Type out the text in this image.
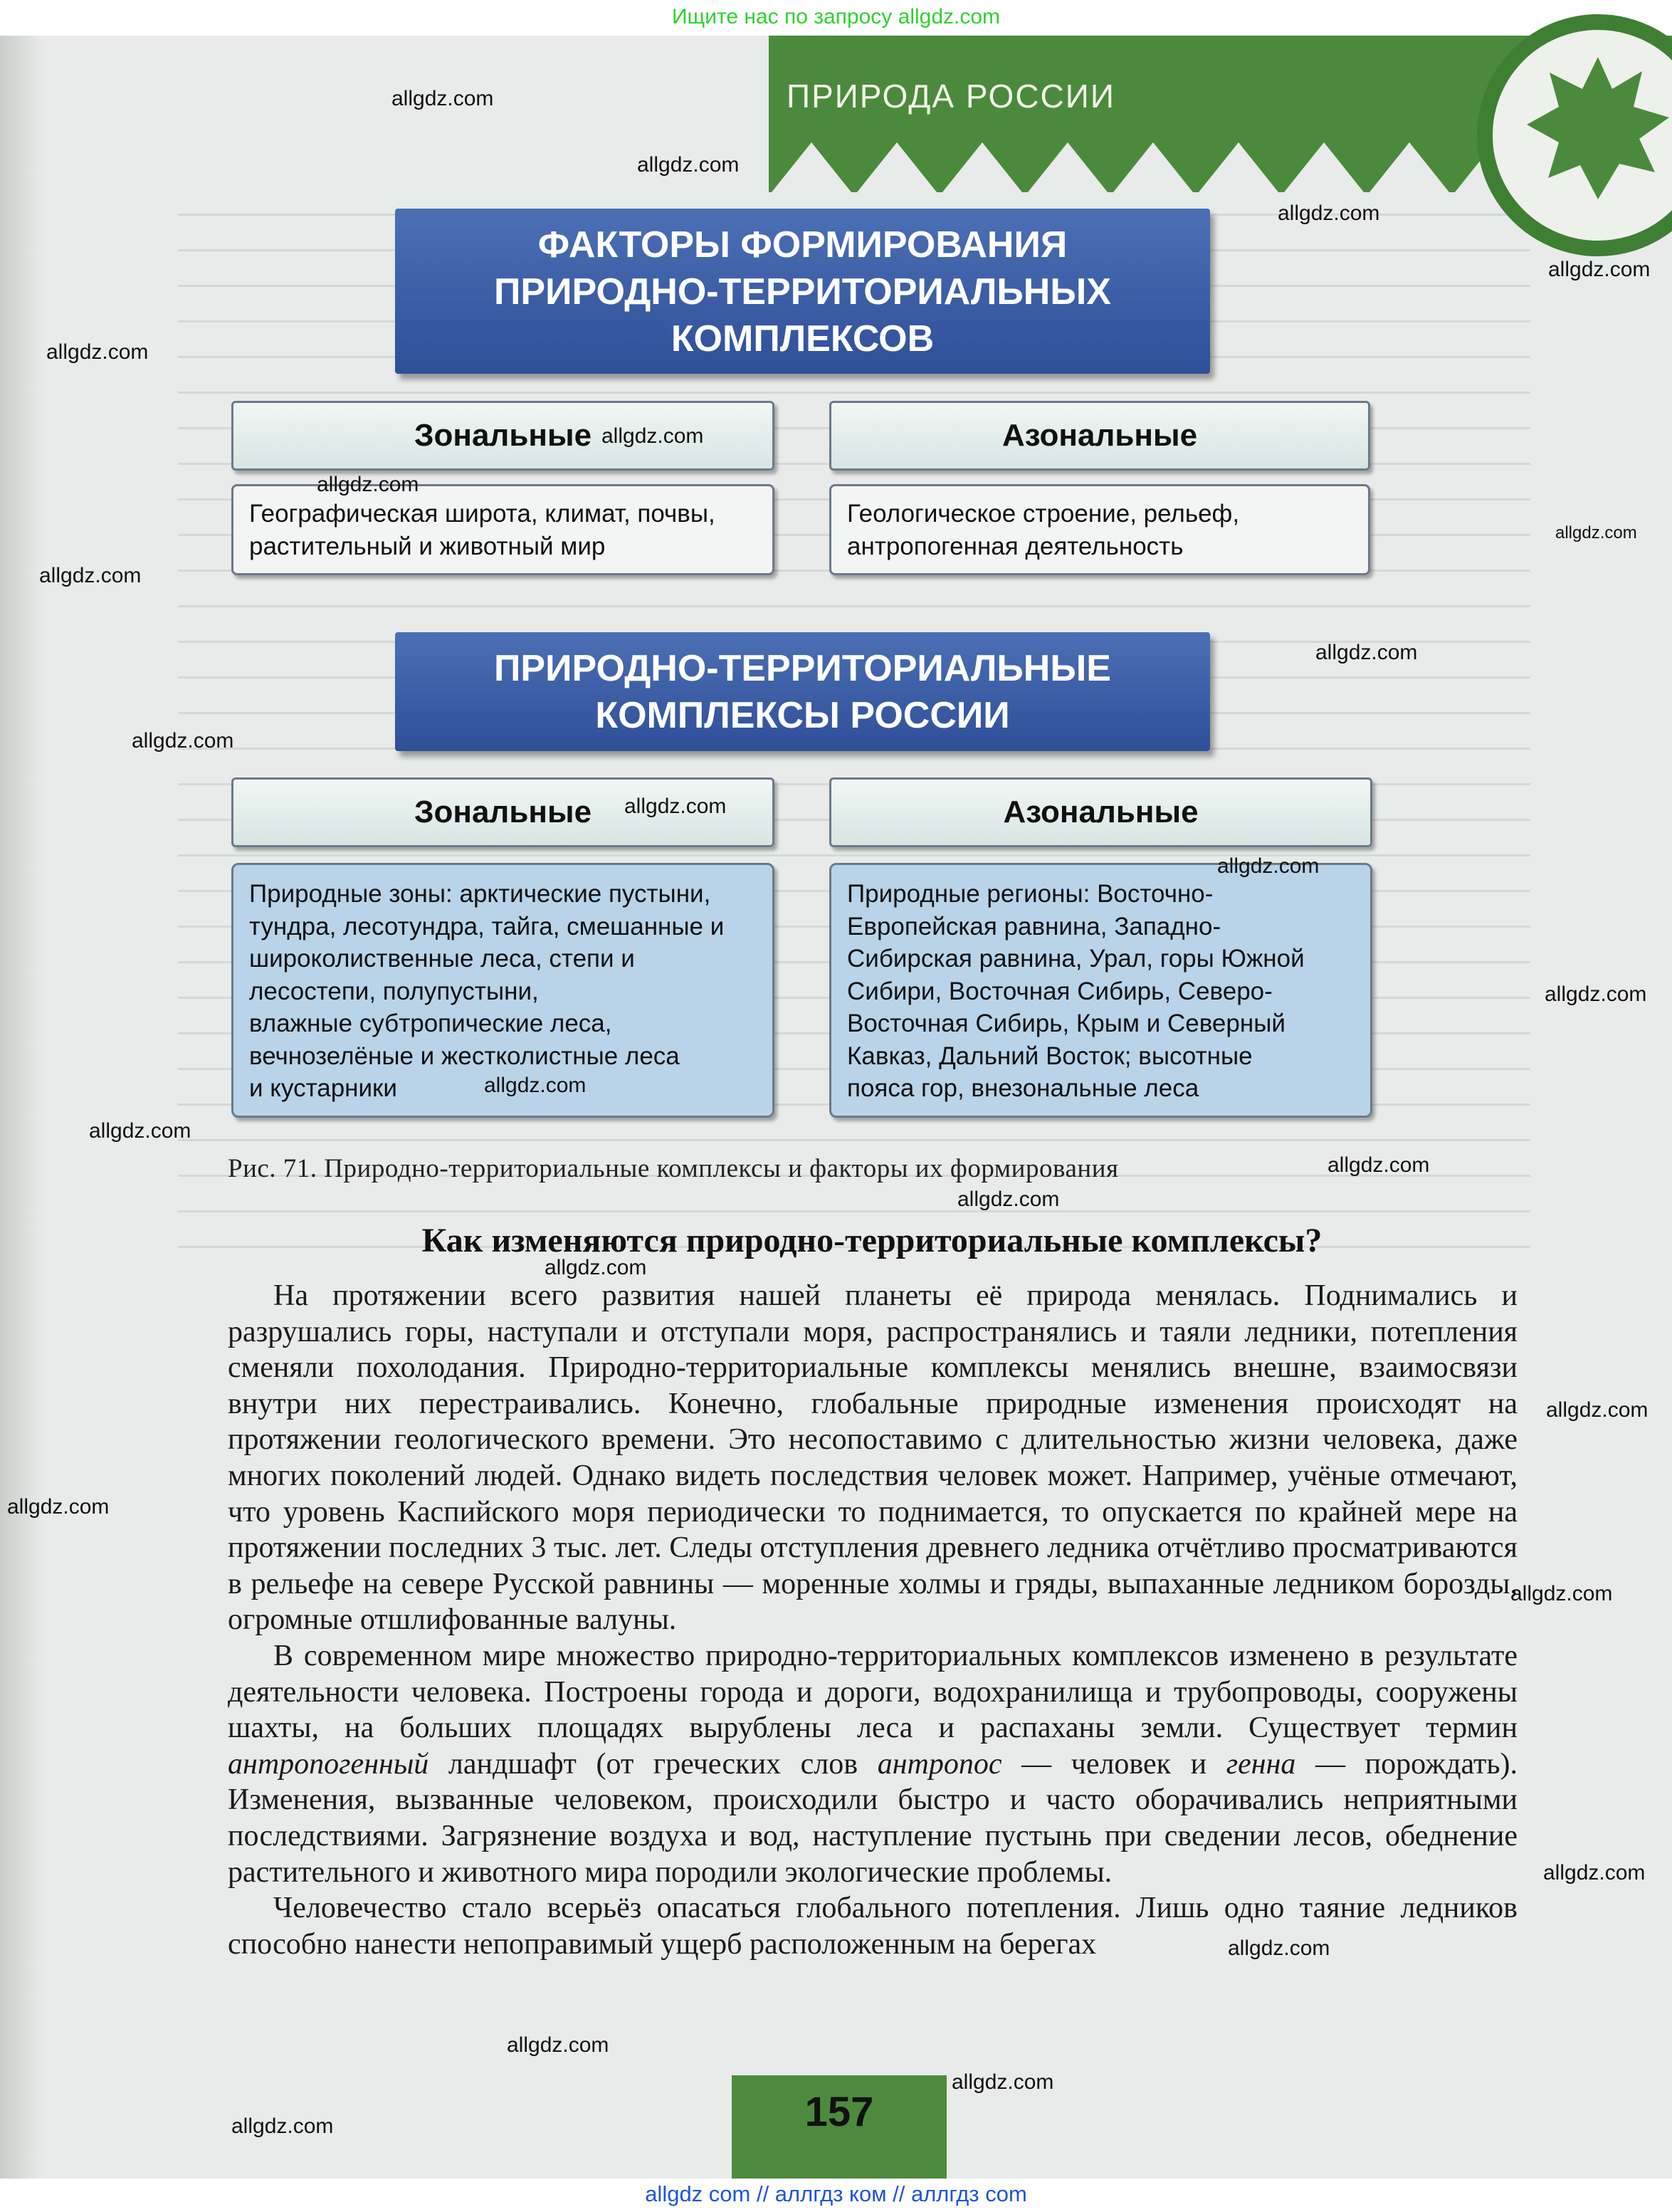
Ищите нас по запросу allgdz.com
ПРИРОДА РОССИИ
ФАКТОРЫ ФОРМИРОВАНИЯ
ПРИРОДНО-ТЕРРИТОРИАЛЬНЫХ
КОМПЛЕКСОВ
Зональные	Азональные
Географическая широта, климат, почвы,
растительный и животный мир
Геологическое строение, рельеф,
антропогенная деятельность
ПРИРОДНО-ТЕРРИТОРИАЛЬНЫЕ
КОМПЛЕКСЫ РОССИИ
Зональные	Азональные
Природные зоны: арктические пустыни,
тундра, лесотундра, тайга, смешанные и
широколиственные леса, степи и
лесостепи, полупустыни,
влажные субтропические леса,
вечнозелёные и жестколистные леса
и кустарники
Природные регионы: Восточно-
Европейская равнина, Западно-
Сибирская равнина, Урал, горы Южной
Сибири, Восточная Сибирь, Северо-
Восточная Сибирь, Крым и Северный
Кавказ, Дальний Восток; высотные
пояса гор, внезональные леса
Рис. 71. Природно-территориальные комплексы и факторы их формирования
Как изменяются природно-территориальные комплексы?

На протяжении всего развития нашей планеты её природа менялась. Поднимались и разрушались горы, наступали и отступали моря, распространялись и таяли ледники, потепления сменяли похолодания. Природно-территориальные комплексы менялись внешне, взаимосвязи внутри них перестраивались. Конечно, глобальные природные изменения происходят на протяжении геологического времени. Это несопоставимо с длительностью жизни человека, даже многих поколений людей. Однако видеть последствия человек может. Например, учёные отмечают, что уровень Каспийского моря периодически то поднимается, то опускается по крайней мере на протяжении последних 3 тыс. лет. Следы отступления древнего ледника отчётливо просматриваются в рельефе на севере Русской равнины — моренные холмы и гряды, выпаханные ледником борозды, огромные отшлифованные валуны.

В современном мире множество природно-территориальных комплексов изменено в результате деятельности человека. Построены города и дороги, водохранилища и трубопроводы, сооружены шахты, на больших площадях вырублены леса и распаханы земли. Существует термин антропогенный ландшафт (от греческих слов антропос — человек и генна — порождать). Изменения, вызванные человеком, происходили быстро и часто оборачивались неприятными последствиями. Загрязнение воздуха и вод, наступление пустынь при сведении лесов, обеднение растительного и животного мира породили экологические проблемы.

Человечество стало всерьёз опасаться глобального потепления. Лишь одно таяние ледников способно нанести непоправимый ущерб расположенным на берегах

157
allgdz com // аллгдз ком // аллгдз com
allgdz.com
allgdz.com
allgdz.com
allgdz.com
allgdz.com
allgdz.com
allgdz.com
allgdz.com
allgdz.com
allgdz.com
allgdz.com
allgdz.com
allgdz.com
allgdz.com
allgdz.com
allgdz.com
allgdz.com
allgdz.com
allgdz.com
allgdz.com
allgdz.com
allgdz.com
allgdz.com
allgdz.com
allgdz.com
allgdz.com
allgdz.com
